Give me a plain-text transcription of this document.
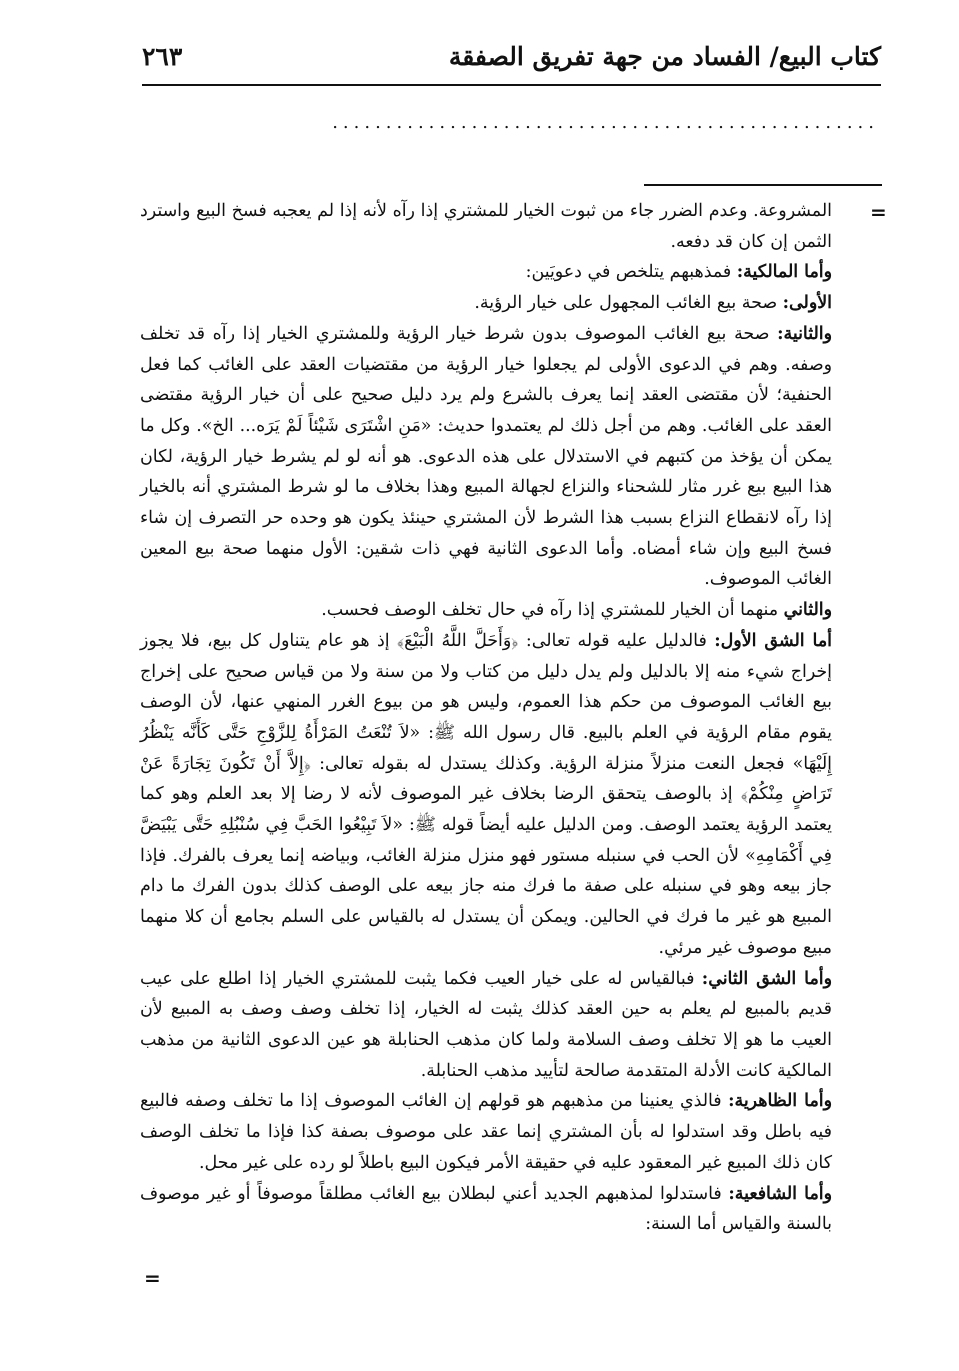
كتاب البيع/ الفساد من جهة تفريق الصفقة
٢٦٣
...................................................
=

المشروعة. وعدم الضرر جاء من ثبوت الخيار للمشتري إذا رآه لأنه إذا لم يعجبه فسخ البيع واسترد الثمن إن كان قد دفعه.

وأما المالكية: فمذهبهم يتلخص في دعويَين:

الأولى: صحة بيع الغائب المجهول على خيار الرؤية.

والثانية: صحة بيع الغائب الموصوف بدون شرط خيار الرؤية وللمشتري الخيار إذا رآه قد تخلف وصفه. وهم في الدعوى الأولى لم يجعلوا خيار الرؤية من مقتضيات العقد على الغائب كما فعل الحنفية؛ لأن مقتضى العقد إنما يعرف بالشرع ولم يرد دليل صحيح على أن خيار الرؤية مقتضى العقد على الغائب. وهم من أجل ذلك لم يعتمدوا حديث: «مَنِ اشْتَرَى شَيْئاً لَمْ يَرَه... الخ». وكل ما يمكن أن يؤخذ من كتبهم في الاستدلال على هذه الدعوى. هو أنه لو لم يشرط خيار الرؤية، لكان هذا البيع بيع غرر مثار للشحناء والنزاع لجهالة المبيع وهذا بخلاف ما لو شرط المشتري أنه بالخيار إذا رآه لانقطاع النزاع بسبب هذا الشرط لأن المشتري حينئذ يكون هو وحده حر التصرف إن شاء فسخ البيع وإن شاء أمضاه. وأما الدعوى الثانية فهي ذات شقين: الأول منهما صحة بيع المعين الغائب الموصوف.

والثاني منهما أن الخيار للمشتري إذا رآه في حال تخلف الوصف فحسب.

أما الشق الأول: فالدليل عليه قوله تعالى: ﴿وَأَحَلَّ اللَّهُ الْبَيْعَ﴾ إذ هو عام يتناول كل بيع، فلا يجوز إخراج شيء منه إلا بالدليل ولم يدل دليل من كتاب ولا من سنة ولا من قياس صحيح على إخراج بيع الغائب الموصوف من حكم هذا العموم، وليس هو من بيوع الغرر المنهي عنها، لأن الوصف يقوم مقام الرؤية في العلم بالبيع. قال رسول الله ﷺ: «لاَ تُنْعَتُ المَرْأَةُ لِلزَّوْجِ حَتَّى كَأَنَّه يَنْظُرُ إِلَيْهَا» فجعل النعت منزلاً منزلة الرؤية. وكذلك يستدل له بقوله تعالى: ﴿إِلاَّ أَنْ تَكُونَ تِجَارَةً عَنْ تَرَاضٍ مِنْكُمْ﴾ إذ بالوصف يتحقق الرضا بخلاف غير الموصوف لأنه لا رضا إلا بعد العلم وهو كما يعتمد الرؤية يعتمد الوصف. ومن الدليل عليه أيضاً قوله ﷺ: «لاَ تَبِيْعُوا الحَبَّ فِي سُنْبُلِهِ حَتَّى يَبْيَضَّ فِي أَكْمَامِهِ» لأن الحب في سنبله مستور فهو منزل منزلة الغائب، وبياضه إنما يعرف بالفرك. فإذا جاز بيعه وهو في سنبله على صفة ما فرك منه جاز بيعه على الوصف كذلك بدون الفرك ما دام المبيع هو غير ما فرك في الحالين. ويمكن أن يستدل له بالقياس على السلم بجامع أن كلا منهما مبيع موصوف غير مرئي.

وأما الشق الثاني: فبالقياس له على خيار العيب فكما يثبت للمشتري الخيار إذا اطلع على عيب قديم بالمبيع لم يعلم به حين العقد كذلك يثبت له الخيار، إذا تخلف وصف وصف به المبيع لأن العيب ما هو إلا تخلف وصف السلامة ولما كان مذهب الحنابلة هو عين الدعوى الثانية من مذهب المالكية كانت الأدلة المتقدمة صالحة لتأييد مذهب الحنابلة.

وأما الظاهرية: فالذي يعنينا من مذهبهم هو قولهم إن الغائب الموصوف إذا ما تخلف وصفه فالبيع فيه باطل وقد استدلوا له بأن المشتري إنما عقد على موصوف بصفة كذا فإذا ما تخلف الوصف كان ذلك المبيع غير المعقود عليه في حقيقة الأمر فيكون البيع باطلاً لو رده على غير محل.

وأما الشافعية: فاستدلوا لمذهبهم الجديد أعني لبطلان بيع الغائب مطلقاً موصوفاً أو غير موصوف بالسنة والقياس أما السنة:

=
